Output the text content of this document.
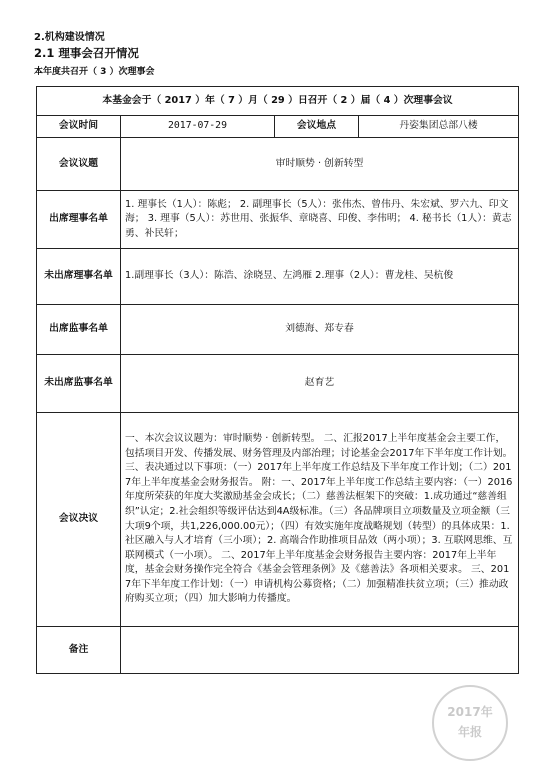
2.机构建设情况
2.1 理事会召开情况
本年度共召开（ 3 ）次理事会
本基金会于（ 2017 ）年（ 7 ）月（ 29 ）日召开（ 2 ）届（ 4 ）次理事会议			
会议时间	2017-07-29	会议地点	丹姿集团总部八楼
会议议题	审时顺势 · 创新转型		
出席理事名单	1. 理事长（1人）：陈彪； 2. 副理事长（5人）：张伟杰、曾伟丹、朱宏斌、罗六九、印文海； 3. 理事（5人）：苏世用、张振华、章晓喜、印俊、李伟明； 4. 秘书长（1人）：黄志勇、补民轩；		
未出席理事名单	1.副理事长（3人）：陈浩、涂晓昱、左鸿雁 2.理事（2人）：曹龙桂、吴杭俊		
出席监事名单	刘德海、郑专春		
未出席监事名单	赵育艺		
会议决议	一、本次会议议题为：审时顺势 · 创新转型。 二、汇报2017上半年度基金会主要工作，包括项目开发、传播发展、财务管理及内部治理；讨论基金会2017年下半年度工作计划。 三、表决通过以下事项：（一）2017年上半年度工作总结及下半年度工作计划；（二）2017年上半年度基金会财务报告。 附：一、2017年上半年度工作总结主要内容：（一）2016年度所荣获的年度大奖激励基金会成长；（二）慈善法框架下的突破：1.成功通过“慈善组织”认定；2.社会组织等级评估达到4A级标准。（三）各品牌项目立项数量及立项金额（三大项9个项，共1,226,000.00元）；（四）有效实施年度战略规划（转型）的具体成果：1. 社区融入与人才培育（三小项）；2. 高端合作助推项目品效（两小项）；3. 互联网思维、互联网模式（一小项）。 二、2017年上半年度基金会财务报告主要内容：2017年上半年度，基金会财务操作完全符合《基金会管理条例》及《慈善法》各项相关要求。 三、2017年下半年度工作计划：（一）申请机构公募资格；（二）加强精准扶贫立项；（三）推动政府购买立项；（四）加大影响力传播度。		
备注			
2017年
年报
